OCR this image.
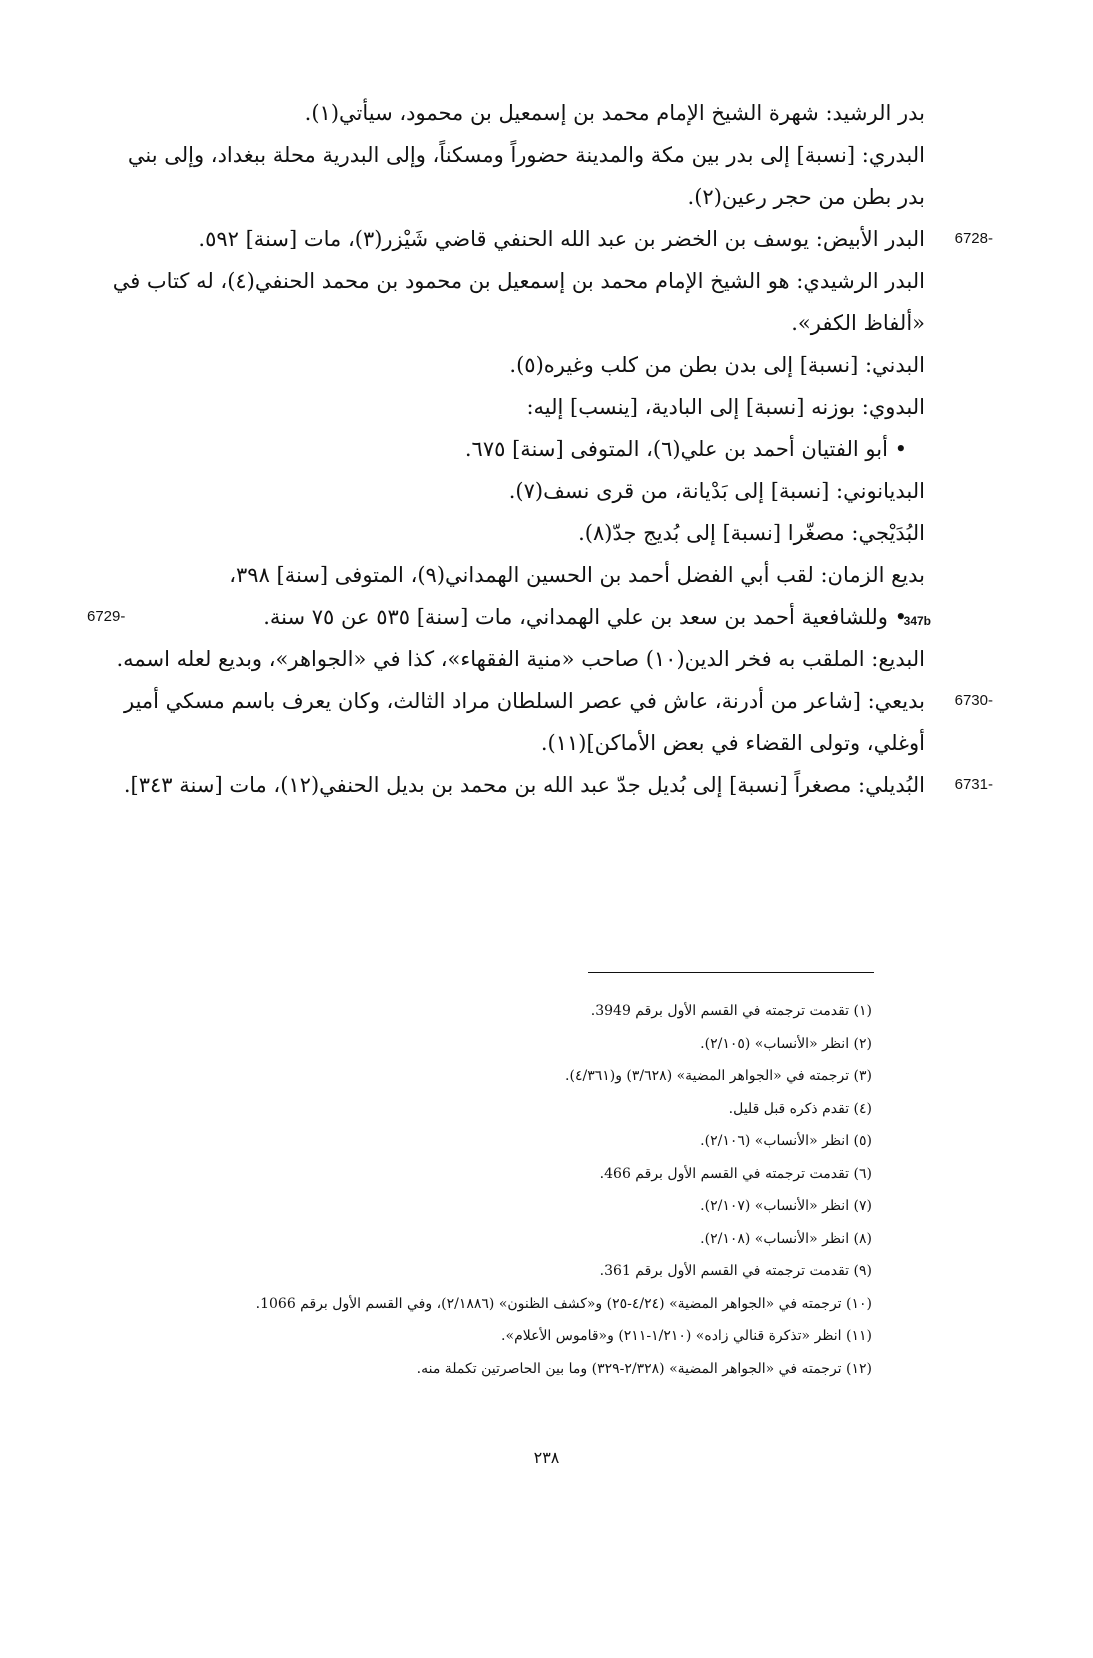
بدر الرشيد: شهرة الشيخ الإمام محمد بن إسمعيل بن محمود، سيأتي(١).

البدري: [نسبة] إلى بدر بين مكة والمدينة حضوراً ومسكناً، وإلى البدرية محلة ببغداد، وإلى بني بدر بطن من حجر رعين(٢).

6728-
البدر الأبيض: يوسف بن الخضر بن عبد الله الحنفي قاضي شَيْزر(٣)، مات [سنة] ٥٩٢.

البدر الرشيدي: هو الشيخ الإمام محمد بن إسمعيل بن محمود بن محمد الحنفي(٤)، له كتاب في «ألفاظ الكفر».

البدني: [نسبة] إلى بدن بطن من كلب وغيره(٥).

البدوي: بوزنه [نسبة] إلى البادية، [ينسب] إليه:

• أبو الفتيان أحمد بن علي(٦)، المتوفى [سنة] ٦٧٥.

البديانوني: [نسبة] إلى بَدْيانة، من قرى نسف(٧).

البُدَيْجي: مصغّرا [نسبة] إلى بُديج جدّ(٨).

بديع الزمان: لقب أبي الفضل أحمد بن الحسين الهمداني(٩)، المتوفى [سنة] ٣٩٨،

6729-	• وللشافعية أحمد بن سعد بن علي الهمداني، مات [سنة] ٥٣٥ عن ٧٥ سنة.

البديع: الملقب به فخر الدين(١٠) صاحب «منية الفقهاء»، كذا في «الجواهر»، وبديع لعله اسمه.

6730-
بديعي: [شاعر من أدرنة، عاش في عصر السلطان مراد الثالث، وكان يعرف باسم مسكي أمير أوغلي، وتولى القضاء في بعض الأماكن](١١).

6731-
البُديلي: مصغراً [نسبة] إلى بُديل جدّ عبد الله بن محمد بن بديل الحنفي(١٢)، مات [سنة ٣٤٣].

347b

(١) تقدمت ترجمته في القسم الأول برقم 3949.

(٢) انظر «الأنساب» (٢/١٠٥).

(٣) ترجمته في «الجواهر المضية» (٣/٦٢٨) و(٤/٣٦١).

(٤) تقدم ذكره قبل قليل.

(٥) انظر «الأنساب» (٢/١٠٦).

(٦) تقدمت ترجمته في القسم الأول برقم 466.

(٧) انظر «الأنساب» (٢/١٠٧).

(٨) انظر «الأنساب» (٢/١٠٨).

(٩) تقدمت ترجمته في القسم الأول برقم 361.

(١٠) ترجمته في «الجواهر المضية» (٤/٢٤-٢٥) و«كشف الظنون» (٢/١٨٨٦)، وفي القسم الأول برقم 1066.

(١١) انظر «تذكرة قنالي زاده» (١/٢١٠-٢١١) و«قاموس الأعلام».

(١٢) ترجمته في «الجواهر المضية» (٢/٣٢٨-٣٢٩) وما بين الحاصرتين تكملة منه.

٢٣٨
